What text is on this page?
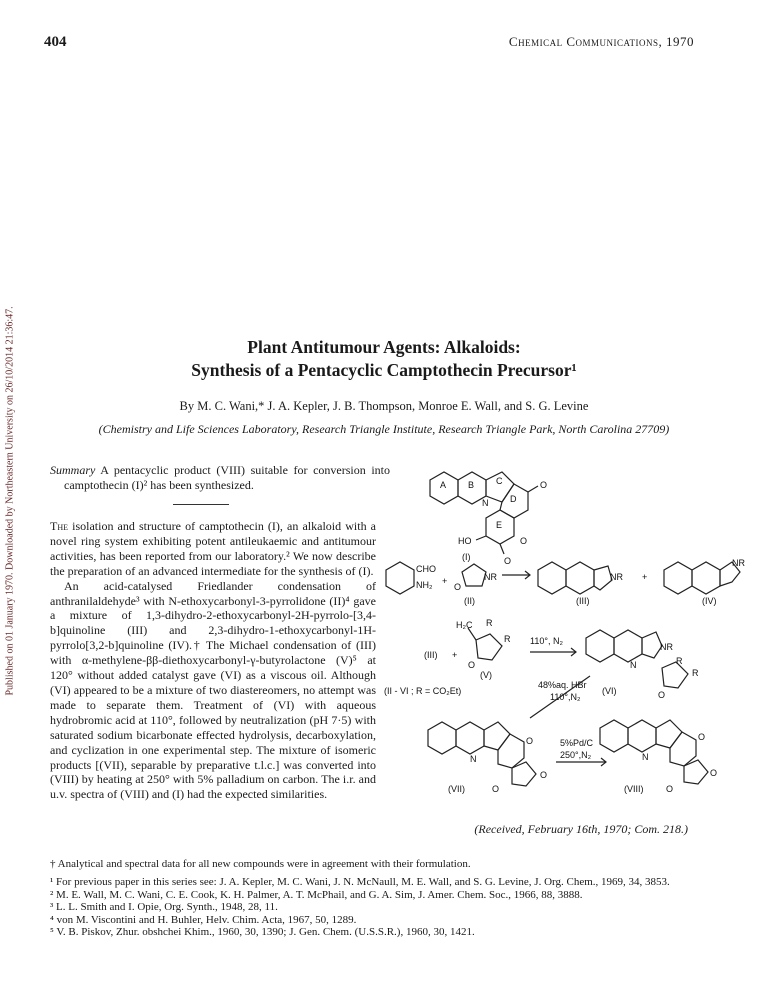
Published on 01 January 1970. Downloaded by Northeastern University on 26/10/2014 21:36:47.
404	Chemical Communications, 1970
Plant Antitumour Agents: Alkaloids:
Synthesis of a Pentacyclic Camptothecin Precursor¹
By M. C. Wani,* J. A. Kepler, J. B. Thompson, Monroe E. Wall, and S. G. Levine
(Chemistry and Life Sciences Laboratory, Research Triangle Institute, Research Triangle Park, North Carolina 27709)
Summary A pentacyclic product (VIII) suitable for conversion into camptothecin (I)² has been synthesized.

The isolation and structure of camptothecin (I), an alkaloid with a novel ring system exhibiting potent antileukaemic and antitumour activities, has been reported from our laboratory.² We now describe the preparation of an advanced intermediate for the synthesis of (I).

An acid-catalysed Friedlander condensation of anthranilaldehyde³ with N-ethoxycarbonyl-3-pyrrolidone (II)⁴ gave a mixture of 1,3-dihydro-2-ethoxycarbonyl-2H-pyrrolo-[3,4-b]quinoline (III) and 2,3-dihydro-1-ethoxycarbonyl-1H-pyrrolo[3,2-b]quinoline (IV).† The Michael condensation of (III) with α-methylene-ββ-diethoxycarbonyl-γ-butyrolactone (V)⁵ at 120° without added catalyst gave (VI) as a viscous oil. Although (VI) appeared to be a mixture of two diastereomers, no attempt was made to separate them. Treatment of (VI) with aqueous hydrobromic acid at 110°, followed by neutralization (pH 7·5) with saturated sodium bicarbonate effected hydrolysis, decarboxylation, and cyclization in one experimental step. The mixture of isomeric products [(VII), separable by preparative t.l.c.] was converted into (VIII) by heating at 250° with 5% palladium on carbon. The i.r. and u.v. spectra of (VIII) and (I) had the expected similarities.

A B C
D
E
N
O
HO
O
O
(I)
CHO
NH₂ +
O
NR
(II)	(III)
NR +
NR
(IV)
(III) +
H₂C R
R
O
(V)
110°, N₂
NR
N	R
R
O
(VI)
(II - VI ; R = CO₂Et)
48%aq. HBr
110°,N₂
O
N
O
O
(VII)
5%Pd/C
250°,N₂
O
N
O
O
(VIII)
(Received, February 16th, 1970; Com. 218.)
† Analytical and spectral data for all new compounds were in agreement with their formulation.
¹ For previous paper in this series see: J. A. Kepler, M. C. Wani, J. N. McNaull, M. E. Wall, and S. G. Levine, J. Org. Chem., 1969, 34, 3853.
² M. E. Wall, M. C. Wani, C. E. Cook, K. H. Palmer, A. T. McPhail, and G. A. Sim, J. Amer. Chem. Soc., 1966, 88, 3888.
³ L. L. Smith and I. Opie, Org. Synth., 1948, 28, 11.
⁴ von M. Viscontini and H. Buhler, Helv. Chim. Acta, 1967, 50, 1289.
⁵ V. B. Piskov, Zhur. obshchei Khim., 1960, 30, 1390; J. Gen. Chem. (U.S.S.R.), 1960, 30, 1421.
